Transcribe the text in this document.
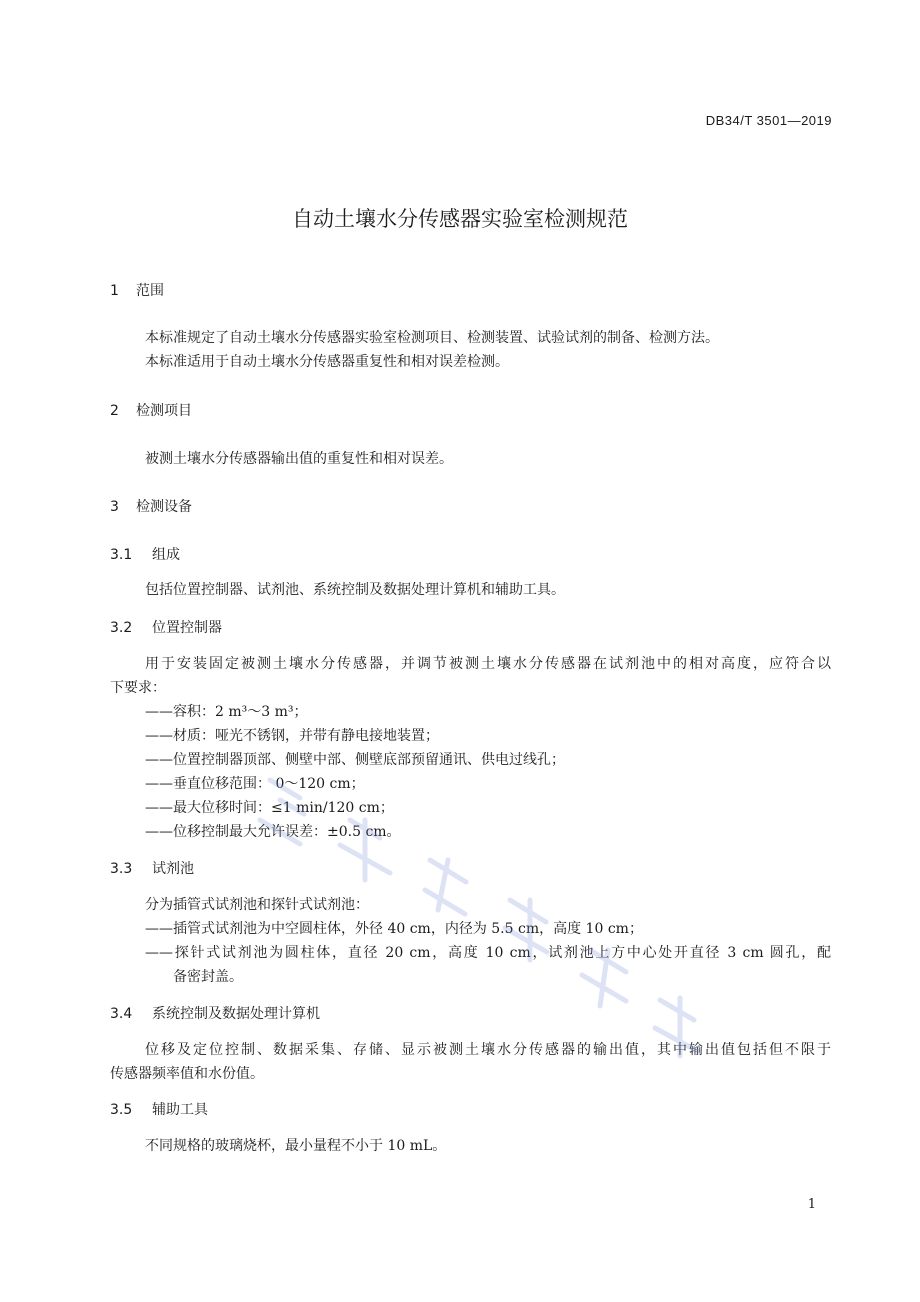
DB34/T 3501—2019
自动土壤水分传感器实验室检测规范
1 范围
本标准规定了自动土壤水分传感器实验室检测项目、检测装置、试验试剂的制备、检测方法。
本标准适用于自动土壤水分传感器重复性和相对误差检测。
2 检测项目
被测土壤水分传感器输出值的重复性和相对误差。
3 检测设备
3.1 组成
包括位置控制器、试剂池、系统控制及数据处理计算机和辅助工具。
3.2 位置控制器
用于安装固定被测土壤水分传感器，并调节被测土壤水分传感器在试剂池中的相对高度，应符合以
下要求：
——容积：2 m³～3 m³；
——材质：哑光不锈钢，并带有静电接地装置；
——位置控制器顶部、侧壁中部、侧壁底部预留通讯、供电过线孔；
——垂直位移范围： 0～120 cm；
——最大位移时间：≤1 min/120 cm；
——位移控制最大允许误差：±0.5 cm。
3.3 试剂池
分为插管式试剂池和探针式试剂池：
——插管式试剂池为中空圆柱体，外径 40 cm，内径为 5.5 cm，高度 10 cm；
——探针式试剂池为圆柱体，直径 20 cm，高度 10 cm，试剂池上方中心处开直径 3 cm 圆孔，配
备密封盖。
3.4 系统控制及数据处理计算机
位移及定位控制、数据采集、存储、显示被测土壤水分传感器的输出值，其中输出值包括但不限于
传感器频率值和水份值。
3.5 辅助工具
不同规格的玻璃烧杯，最小量程不小于 10 mL。
1
